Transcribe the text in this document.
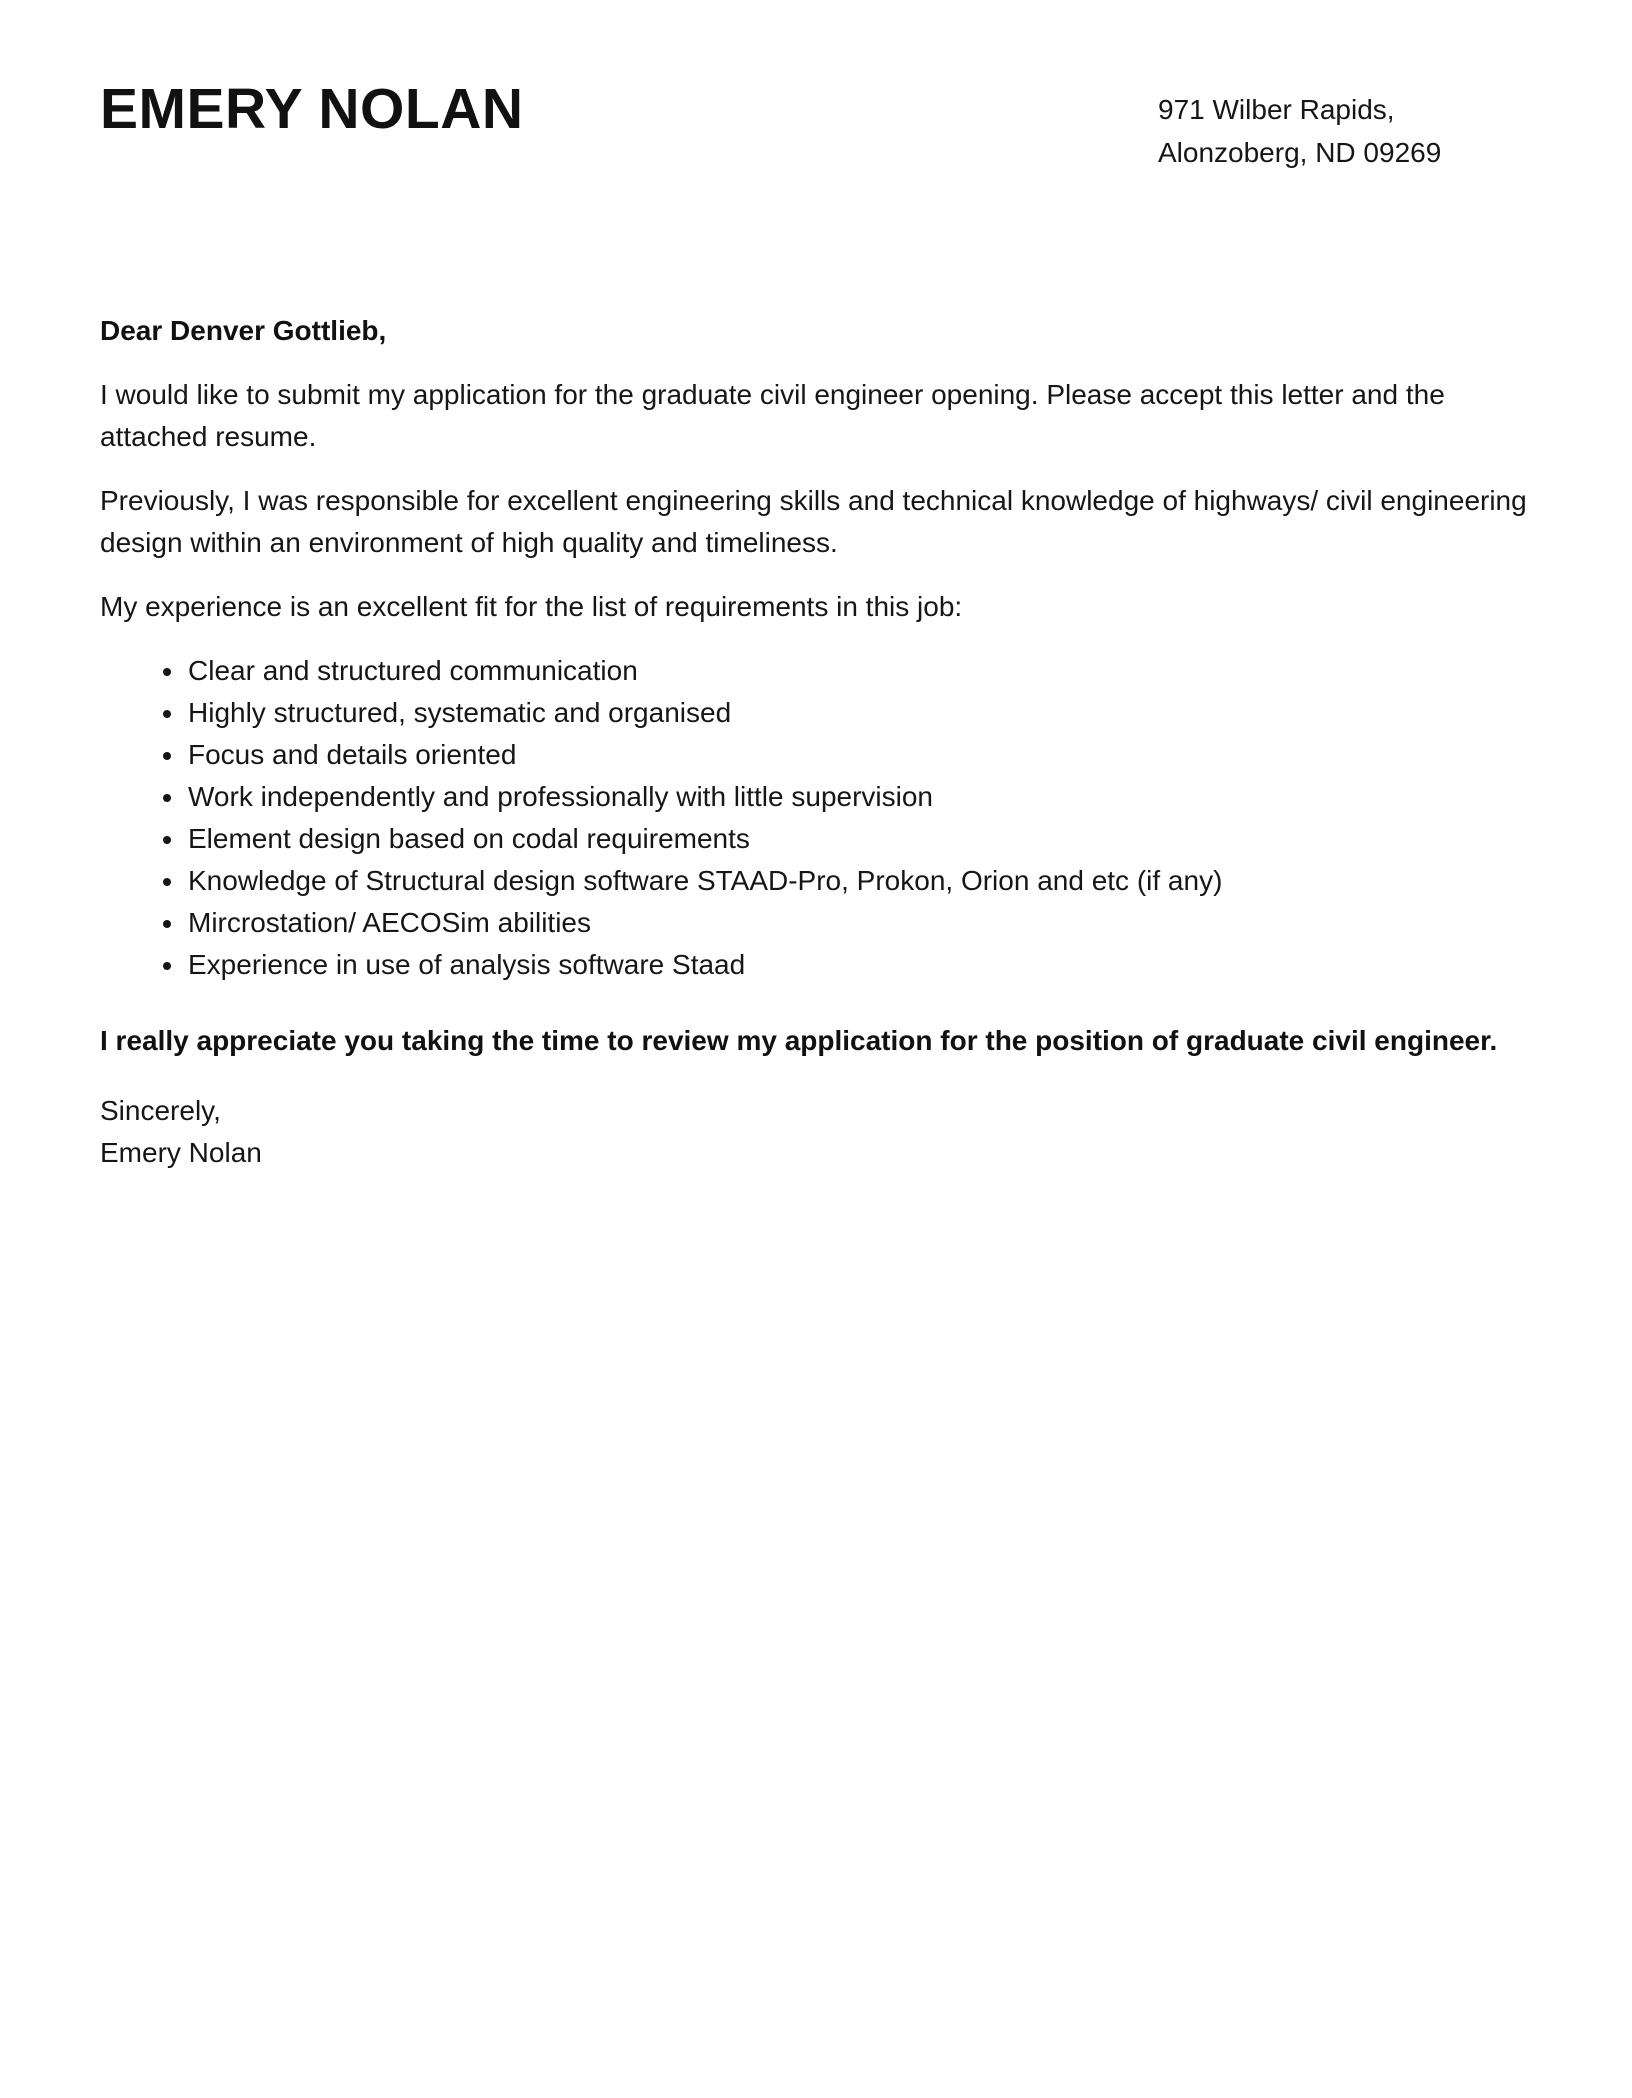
EMERY NOLAN	971 Wilber Rapids,
Alonzoberg, ND 09269
Dear Denver Gottlieb,

I would like to submit my application for the graduate civil engineer opening. Please accept this letter and the attached resume.

Previously, I was responsible for excellent engineering skills and technical knowledge of highways/ civil engineering design within an environment of high quality and timeliness.

My experience is an excellent fit for the list of requirements in this job:

• Clear and structured communication
• Highly structured, systematic and organised
• Focus and details oriented
• Work independently and professionally with little supervision
• Element design based on codal requirements
• Knowledge of Structural design software STAAD-Pro, Prokon, Orion and etc (if any)
• Mircrostation/ AECOSim abilities
• Experience in use of analysis software Staad

I really appreciate you taking the time to review my application for the position of graduate civil engineer.

Sincerely,
Emery Nolan
